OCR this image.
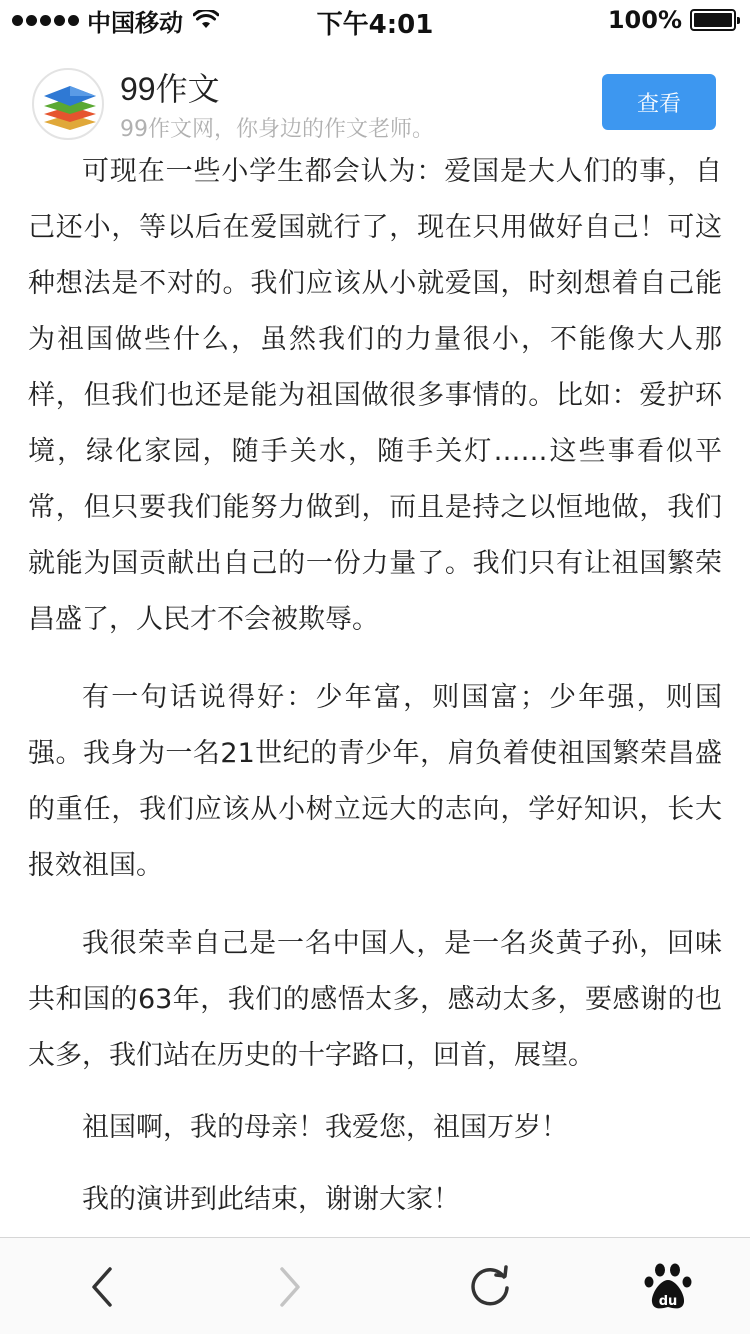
中国移动	下午4:01	100%
99作文
99作文网，你身边的作文老师。
查看

可现在一些小学生都会认为：爱国是大人们的事，自己还小，等以后在爱国就行了，现在只用做好自己！可这种想法是不对的。我们应该从小就爱国，时刻想着自己能为祖国做些什么，虽然我们的力量很小，不能像大人那样，但我们也还是能为祖国做很多事情的。比如：爱护环境，绿化家园，随手关水，随手关灯……这些事看似平常，但只要我们能努力做到，而且是持之以恒地做，我们就能为国贡献出自己的一份力量了。我们只有让祖国繁荣昌盛了，人民才不会被欺辱。

有一句话说得好：少年富，则国富；少年强，则国强。我身为一名21世纪的青少年，肩负着使祖国繁荣昌盛的重任，我们应该从小树立远大的志向，学好知识，长大报效祖国。

我很荣幸自己是一名中国人，是一名炎黄子孙，回味共和国的63年，我们的感悟太多，感动太多，要感谢的也太多，我们站在历史的十字路口，回首，展望。

祖国啊，我的母亲！我爱您，祖国万岁！

我的演讲到此结束，谢谢大家！

du
